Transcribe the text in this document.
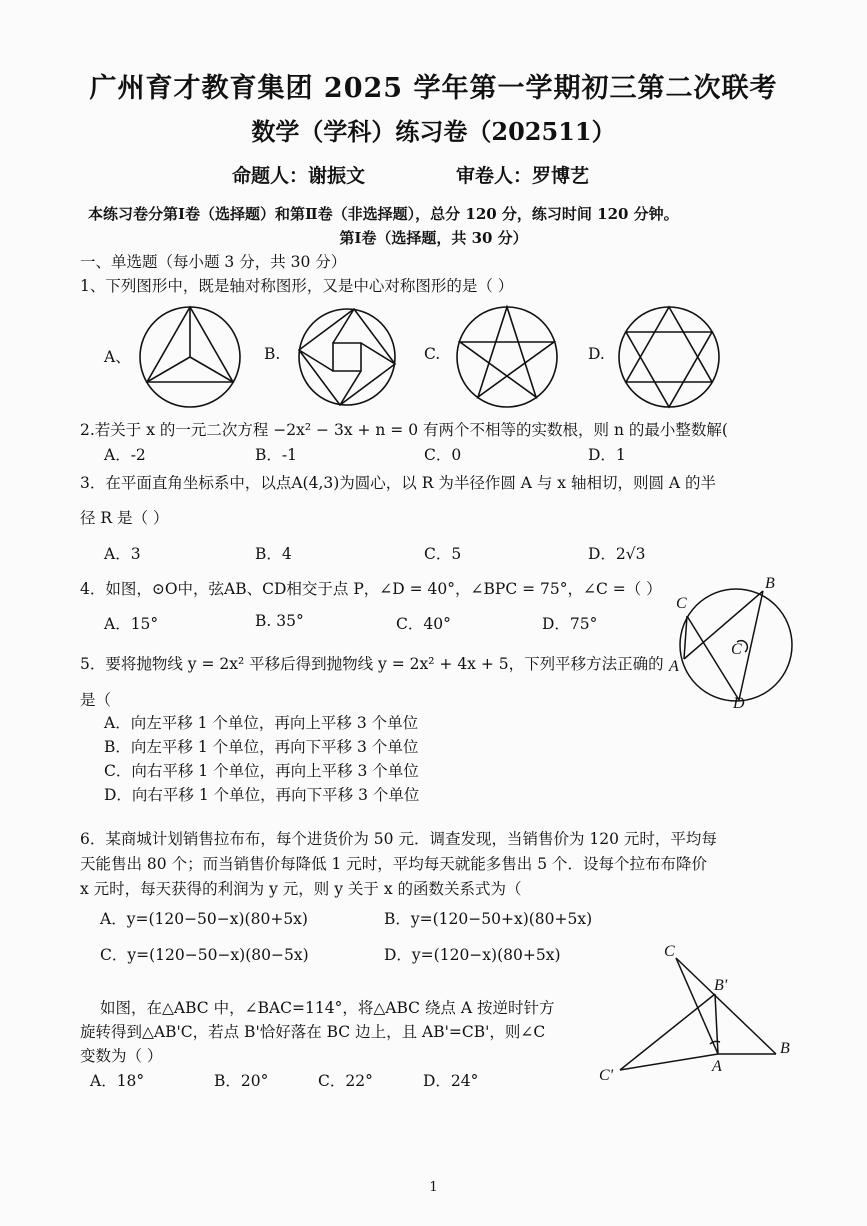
广州育才教育集团 2025 学年第一学期初三第二次联考
数学（学科）练习卷（202511）
命题人：谢振文	审卷人：罗博艺
本练习卷分第Ⅰ卷（选择题）和第Ⅱ卷（非选择题），总分 120 分，练习时间 120 分钟。
第Ⅰ卷（选择题，共 30 分）
一、单选题（每小题 3 分，共 30 分）
1、下列图形中，既是轴对称图形，又是中心对称图形的是（ ）
A、	B.	C.	D.
2.若关于 x 的一元二次方程 −2x² − 3x + n = 0 有两个不相等的实数根，则 n 的最小整数解(
A．-2	B．-1	C．0	D．1
3．在平面直角坐标系中，以点A(4,3)为圆心，以 R 为半径作圆 A 与 x 轴相切，则圆 A 的半
径 R 是（ ）
A．3	B．4	C．5	D．2√3
4．如图，⊙O中，弦AB、CD相交于点 P，∠D = 40°，∠BPC = 75°，∠C =（ ）
A．15°	B. 35°	C．40°	D．75°
B
C
C
A
D
5．要将抛物线 y = 2x² 平移后得到抛物线 y = 2x² + 4x + 5，下列平移方法正确的
是（
A．向左平移 1 个单位，再向上平移 3 个单位
B．向左平移 1 个单位，再向下平移 3 个单位
C．向右平移 1 个单位，再向上平移 3 个单位
D．向右平移 1 个单位，再向下平移 3 个单位
6．某商城计划销售拉布布，每个进货价为 50 元．调查发现，当销售价为 120 元时，平均每
天能售出 80 个；而当销售价每降低 1 元时，平均每天就能多售出 5 个．设每个拉布布降价
x 元时，每天获得的利润为 y 元，则 y 关于 x 的函数关系式为（
A．y=(120−50−x)(80+5x)	B．y=(120−50+x)(80+5x)
C．y=(120−50−x)(80−5x)	D．y=(120−x)(80+5x)
如图，在△ABC 中，∠BAC=114°，将△ABC 绕点 A 按逆时针方
旋转得到△AB'C，若点 B'恰好落在 BC 边上，且 AB'=CB'，则∠C
变数为（ ）
A．18°	B．20°	C．22°	D．24°
C
B'
B
A
C'
1
